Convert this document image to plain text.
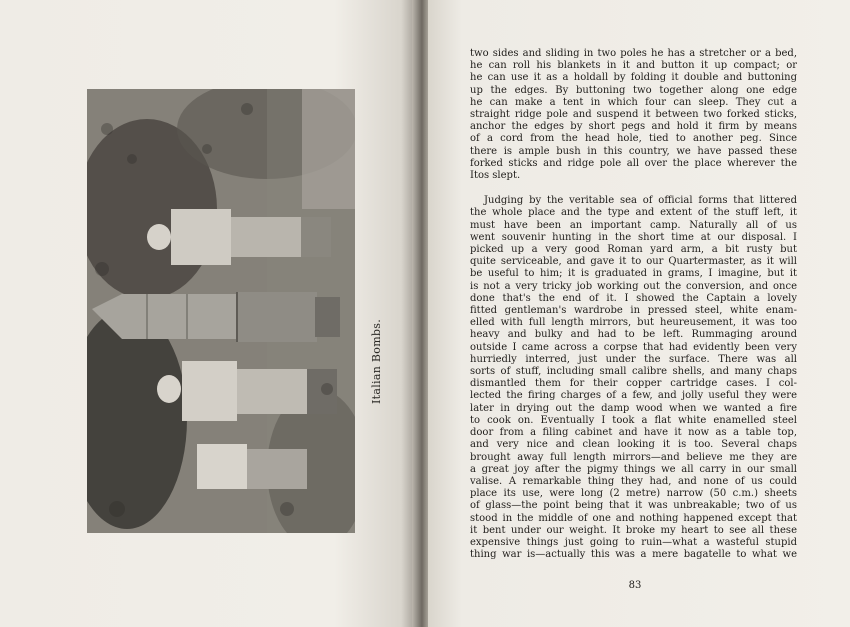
Italian Bombs.
two sides and sliding in two poles he has a stretcher or a bed,
he can roll his blankets in it and button it up compact; or
he can use it as a holdall by folding it double and buttoning
up the edges. By buttoning two together along one edge
he can make a tent in which four can sleep. They cut a
straight ridge pole and suspend it between two forked sticks,
anchor the edges by short pegs and hold it firm by means
of a cord from the head hole, tied to another peg. Since
there is ample bush in this country, we have passed these
forked sticks and ridge pole all over the place wherever the
Itos slept.
Judging by the veritable sea of official forms that littered
the whole place and the type and extent of the stuff left, it
must have been an important camp. Naturally all of us
went souvenir hunting in the short time at our disposal. I
picked up a very good Roman yard arm, a bit rusty but
quite serviceable, and gave it to our Quartermaster, as it will
be useful to him; it is graduated in grams, I imagine, but it
is not a very tricky job working out the conversion, and once
done that's the end of it. I showed the Captain a lovely
fitted gentleman's wardrobe in pressed steel, white enam-
elled with full length mirrors, but heureusement, it was too
heavy and bulky and had to be left. Rummaging around
outside I came across a corpse that had evidently been very
hurriedly interred, just under the surface. There was all
sorts of stuff, including small calibre shells, and many chaps
dismantled them for their copper cartridge cases. I col-
lected the firing charges of a few, and jolly useful they were
later in drying out the damp wood when we wanted a fire
to cook on. Eventually I took a flat white enamelled steel
door from a filing cabinet and have it now as a table top,
and very nice and clean looking it is too. Several chaps
brought away full length mirrors—and believe me they are
a great joy after the pigmy things we all carry in our small
valise. A remarkable thing they had, and none of us could
place its use, were long (2 metre) narrow (50 c.m.) sheets
of glass—the point being that it was unbreakable; two of us
stood in the middle of one and nothing happened except that
it bent under our weight. It broke my heart to see all these
expensive things just going to ruin—what a wasteful stupid
thing war is—actually this was a mere bagatelle to what we
83
